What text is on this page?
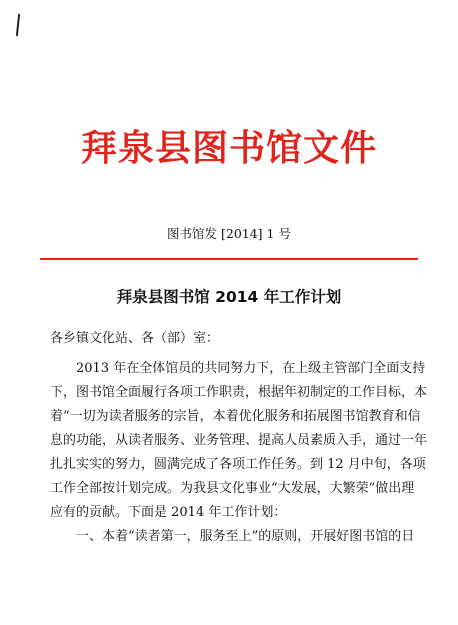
拜泉县图书馆文件
图书馆发 [2014] 1 号
拜泉县图书馆 2014 年工作计划
各乡镇文化站、各（部）室：
2013 年在全体馆员的共同努力下，在上级主管部门全面支持
下，图书馆全面履行各项工作职责，根据年初制定的工作目标，本
着“一切为读者服务的宗旨，本着优化服务和拓展图书馆教育和信
息的功能，从读者服务、业务管理、提高人员素质入手，通过一年
扎扎实实的努力，圆满完成了各项工作任务。到 12 月中旬，各项
工作全部按计划完成。为我县文化事业“大发展，大繁荣”做出理
应有的贡献。下面是 2014 年工作计划：
一、本着“读者第一，服务至上”的原则，开展好图书馆的日
